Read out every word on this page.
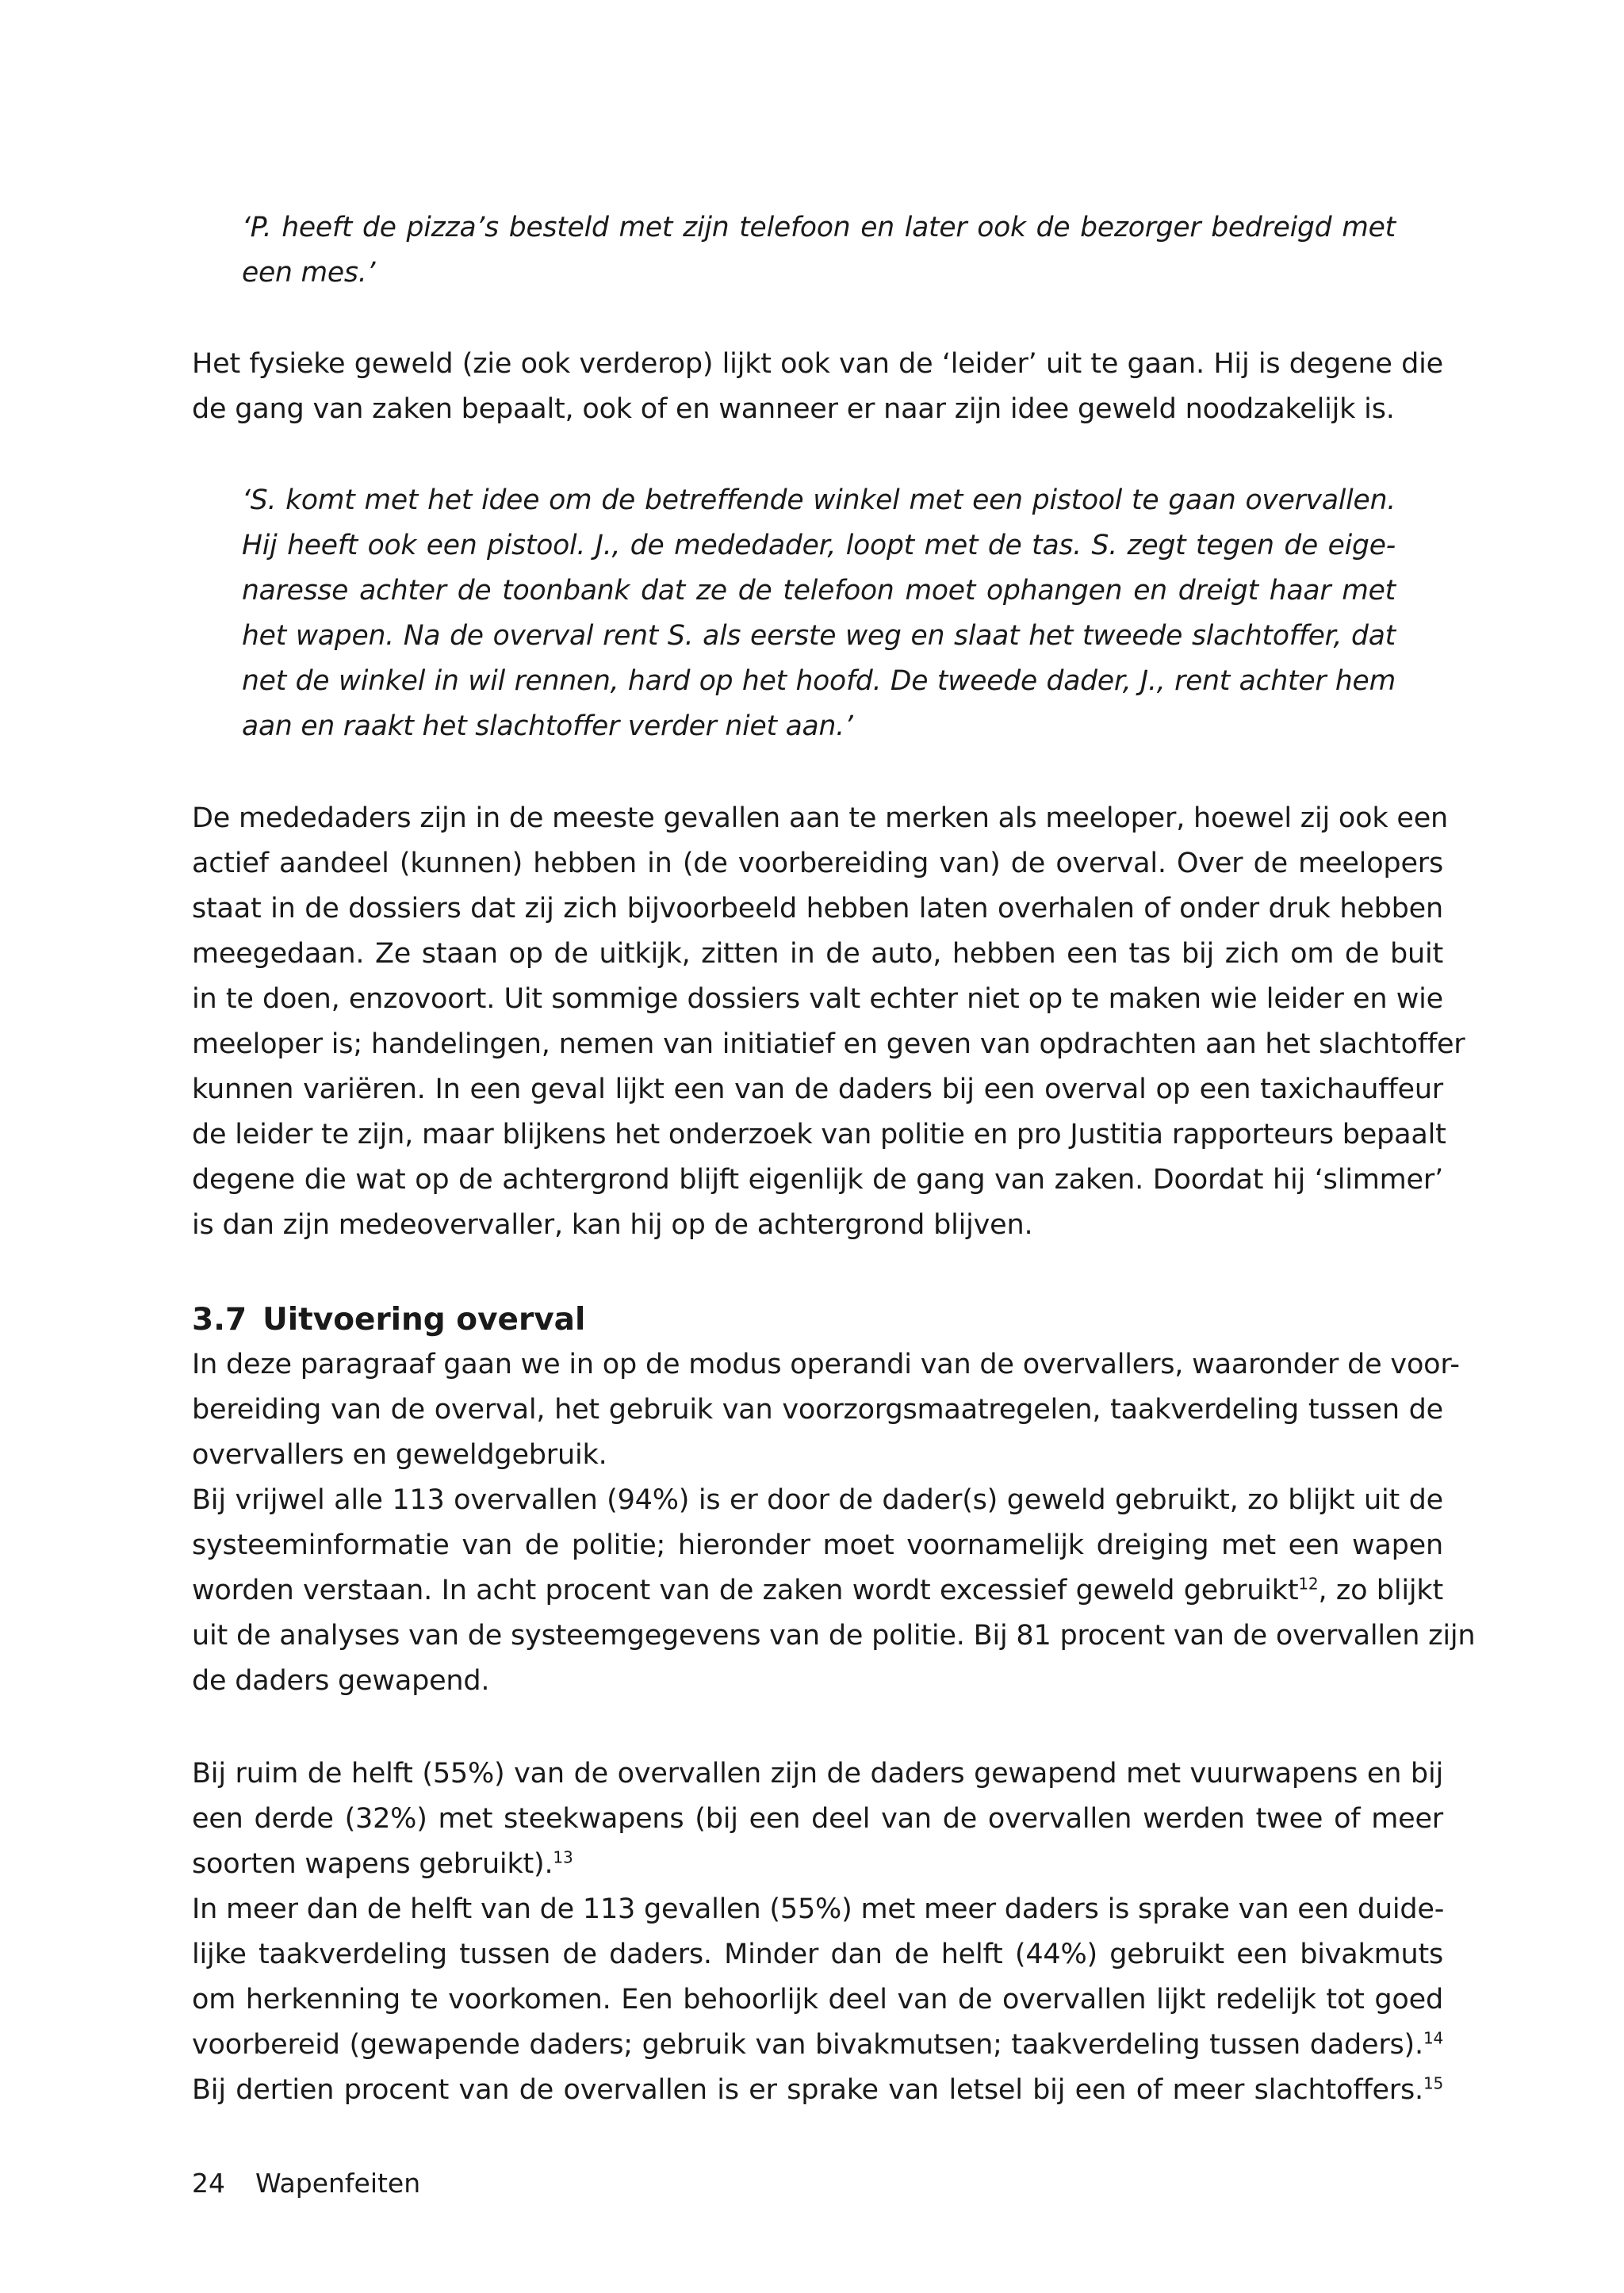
‘P. heeft de pizza’s besteld met zijn telefoon en later ook de bezorger bedreigd met
een mes.’
Het fysieke geweld (zie ook verderop) lijkt ook van de ‘leider’ uit te gaan. Hij is degene die
de gang van zaken bepaalt, ook of en wanneer er naar zijn idee geweld noodzakelijk is.
‘S. komt met het idee om de betreffende winkel met een pistool te gaan overvallen.
Hij heeft ook een pistool. J., de mededader, loopt met de tas. S. zegt tegen de eige-
naresse achter de toonbank dat ze de telefoon moet ophangen en dreigt haar met
het wapen. Na de overval rent S. als eerste weg en slaat het tweede slachtoffer, dat
net de winkel in wil rennen, hard op het hoofd. De tweede dader, J., rent achter hem
aan en raakt het slachtoffer verder niet aan.’
De mededaders zijn in de meeste gevallen aan te merken als meeloper, hoewel zij ook een
actief aandeel (kunnen) hebben in (de voorbereiding van) de overval. Over de meelopers
staat in de dossiers dat zij zich bijvoorbeeld hebben laten overhalen of onder druk hebben
meegedaan. Ze staan op de uitkijk, zitten in de auto, hebben een tas bij zich om de buit
in te doen, enzovoort. Uit sommige dossiers valt echter niet op te maken wie leider en wie
meeloper is; handelingen, nemen van initiatief en geven van opdrachten aan het slachtoffer
kunnen variëren. In een geval lijkt een van de daders bij een overval op een taxichauffeur
de leider te zijn, maar blijkens het onderzoek van politie en pro Justitia rapporteurs bepaalt
degene die wat op de achtergrond blijft eigenlijk de gang van zaken. Doordat hij ‘slimmer’
is dan zijn medeovervaller, kan hij op de achtergrond blijven.
3.7 Uitvoering overval
In deze paragraaf gaan we in op de modus operandi van de overvallers, waaronder de voor-
bereiding van de overval, het gebruik van voorzorgsmaatregelen, taakverdeling tussen de
overvallers en geweldgebruik.
Bij vrijwel alle 113 overvallen (94%) is er door de dader(s) geweld gebruikt, zo blijkt uit de
systeeminformatie van de politie; hieronder moet voornamelijk dreiging met een wapen
worden verstaan. In acht procent van de zaken wordt excessief geweld gebruikt$^{12}$, zo blijkt
uit de analyses van de systeemgegevens van de politie. Bij 81 procent van de overvallen zijn
de daders gewapend.
Bij ruim de helft (55%) van de overvallen zijn de daders gewapend met vuurwapens en bij
een derde (32%) met steekwapens (bij een deel van de overvallen werden twee of meer
soorten wapens gebruikt).$^{13}$
In meer dan de helft van de 113 gevallen (55%) met meer daders is sprake van een duide-
lijke taakverdeling tussen de daders. Minder dan de helft (44%) gebruikt een bivakmuts
om herkenning te voorkomen. Een behoorlijk deel van de overvallen lijkt redelijk tot goed
voorbereid (gewapende daders; gebruik van bivakmutsen; taakverdeling tussen daders).$^{14}$
Bij dertien procent van de overvallen is er sprake van letsel bij een of meer slachtoffers.$^{15}$
24 Wapenfeiten
